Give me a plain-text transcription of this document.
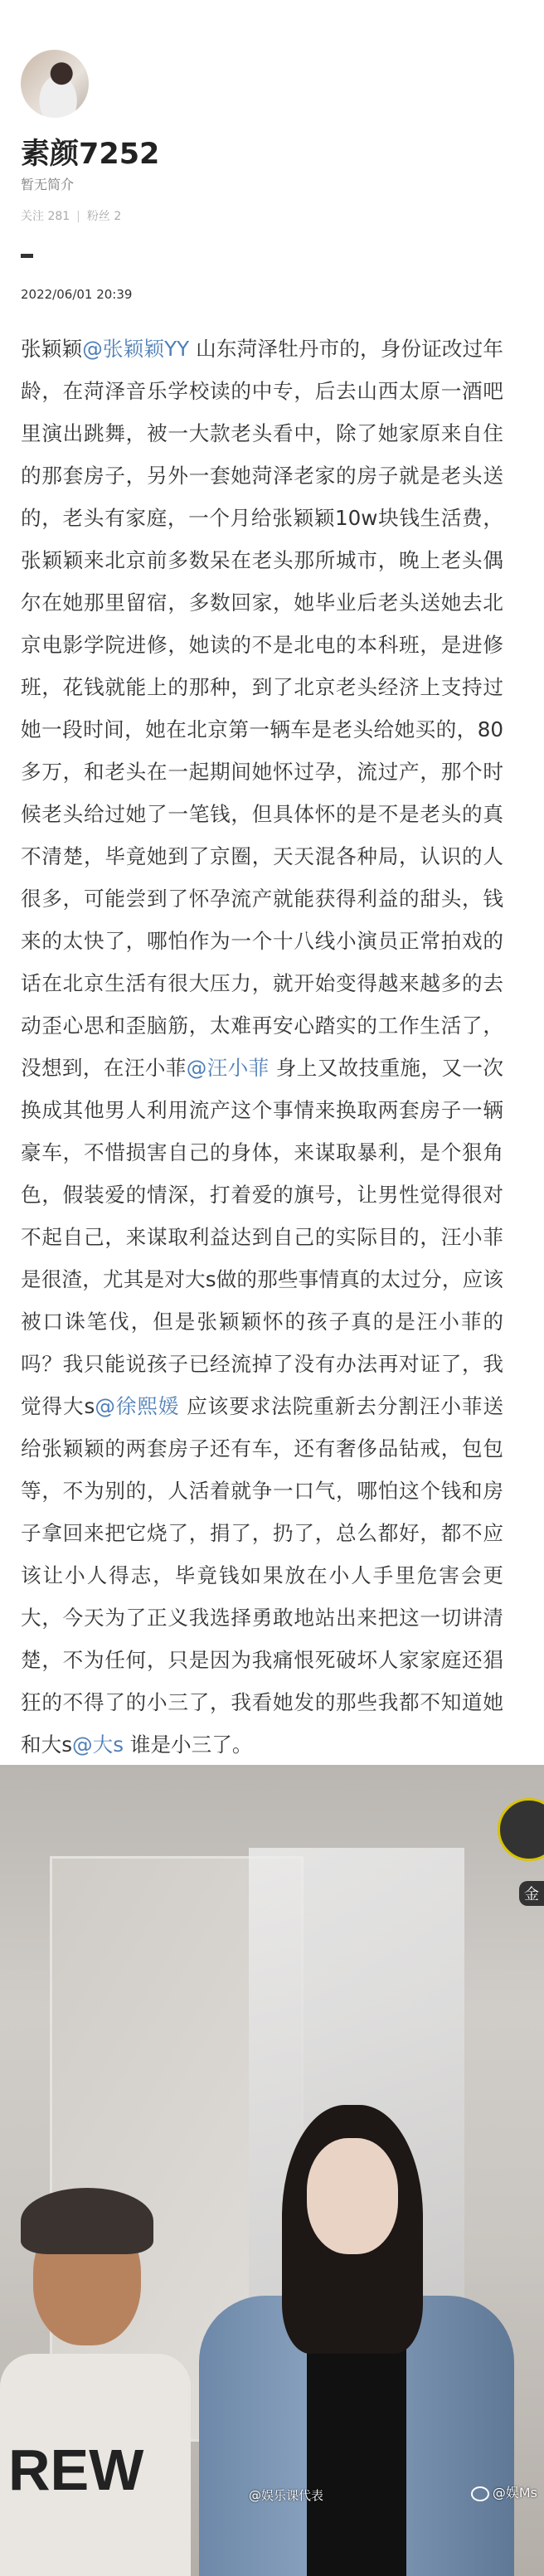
素颜7252
暂无简介
关注 281 | 粉丝 2
2022/06/01 20:39
张颖颖@张颖颖YY 山东菏泽牡丹市的，身份证改过年龄，在菏泽音乐学校读的中专，后去山西太原一酒吧里演出跳舞，被一大款老头看中，除了她家原来自住的那套房子，另外一套她菏泽老家的房子就是老头送的，老头有家庭，一个月给张颖颖10w块钱生活费，张颖颖来北京前多数呆在老头那所城市，晚上老头偶尔在她那里留宿，多数回家，她毕业后老头送她去北京电影学院进修，她读的不是北电的本科班，是进修班，花钱就能上的那种，到了北京老头经济上支持过她一段时间，她在北京第一辆车是老头给她买的，80多万，和老头在一起期间她怀过孕，流过产，那个时候老头给过她了一笔钱，但具体怀的是不是老头的真不清楚，毕竟她到了京圈，天天混各种局，认识的人很多，可能尝到了怀孕流产就能获得利益的甜头，钱来的太快了，哪怕作为一个十八线小演员正常拍戏的话在北京生活有很大压力，就开始变得越来越多的去动歪心思和歪脑筋，太难再安心踏实的工作生活了，没想到，在汪小菲@汪小菲 身上又故技重施，又一次换成其他男人利用流产这个事情来换取两套房子一辆豪车，不惜损害自己的身体，来谋取暴利，是个狠角色，假装爱的情深，打着爱的旗号，让男性觉得很对不起自己，来谋取利益达到自己的实际目的，汪小菲是很渣，尤其是对大s做的那些事情真的太过分，应该被口诛笔伐，但是张颖颖怀的孩子真的是汪小菲的吗？我只能说孩子已经流掉了没有办法再对证了，我觉得大s@徐熙媛 应该要求法院重新去分割汪小菲送给张颖颖的两套房子还有车，还有奢侈品钻戒，包包等，不为别的，人活着就争一口气，哪怕这个钱和房子拿回来把它烧了，捐了，扔了，总么都好，都不应该让小人得志，毕竟钱如果放在小人手里危害会更大，今天为了正义我选择勇敢地站出来把这一切讲清楚，不为任何，只是因为我痛恨死破坏人家家庭还猖狂的不得了的小三了，我看她发的那些我都不知道她和大s@大s 谁是小三了。
REW
金
@娱乐课代表	@娱Ms
